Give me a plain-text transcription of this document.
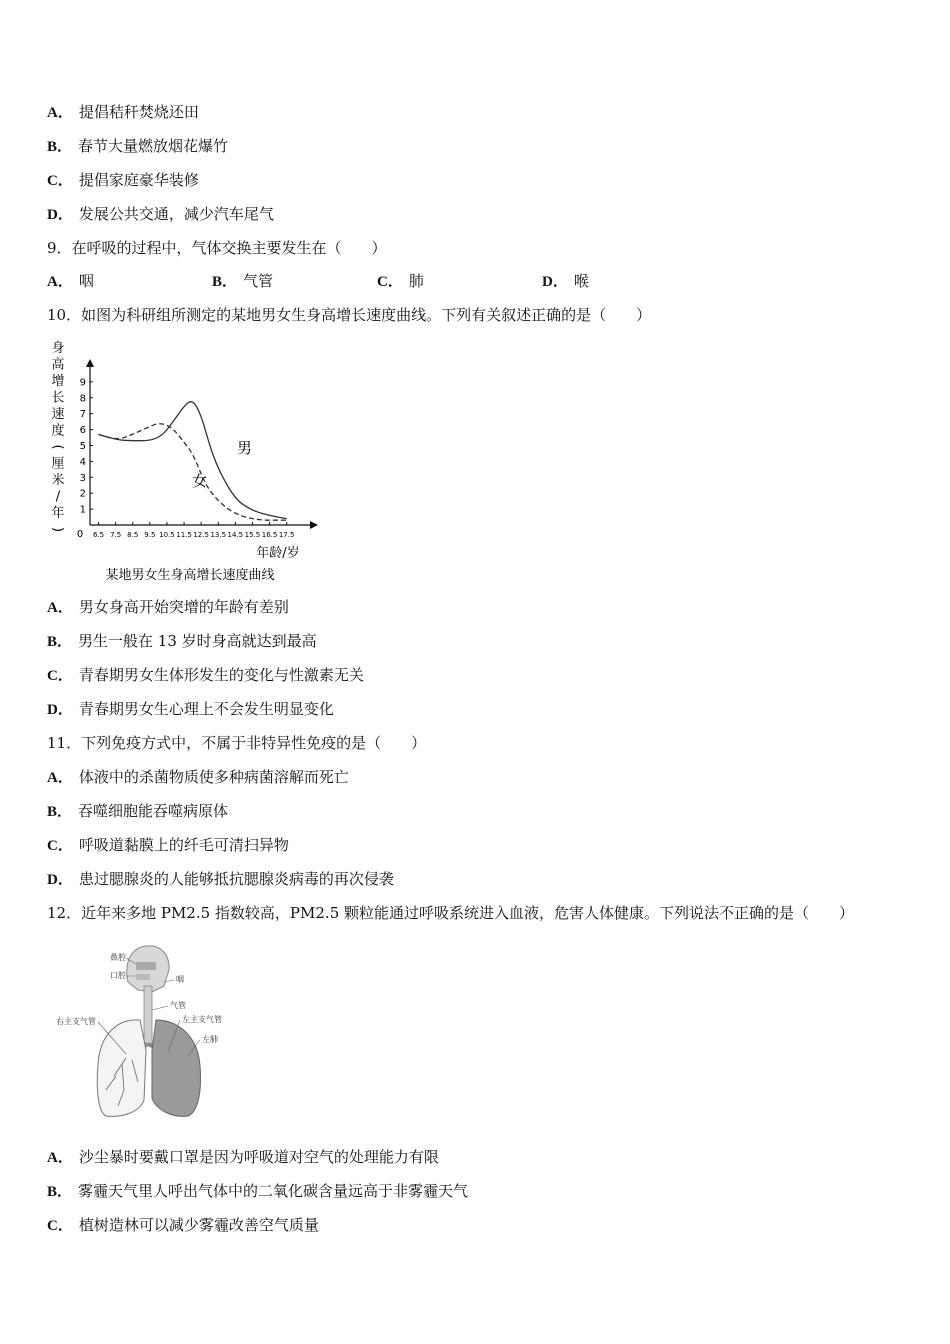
A． 提倡秸秆焚烧还田
B． 春节大量燃放烟花爆竹
C． 提倡家庭豪华装修
D． 发展公共交通，减少汽车尾气
9．在呼吸的过程中，气体交换主要发生在（　　）
A． 咽	B． 气管	C． 肺	D． 喉
10．如图为科研组所测定的某地男女生身高增长速度曲线。下列有关叙述正确的是（　　）
身
高
增
长
速
度
(
厘
米
/
年
)
1
2
3
4
5
6
7
8
9
6.5 7.5 8.5 9.5 10.5 11.5 12.5 13.5 14.5 15.5 16.5 17.5
0
男
女
年龄/岁
某地男女生身高增长速度曲线
A． 男女身高开始突增的年龄有差别
B． 男生一般在 13 岁时身高就达到最高
C． 青春期男女生体形发生的变化与性激素无关
D． 青春期男女生心理上不会发生明显变化
11．下列免疫方式中，不属于非特异性免疫的是（　　）
A． 体液中的杀菌物质使多种病菌溶解而死亡
B． 吞噬细胞能吞噬病原体
C． 呼吸道黏膜上的纤毛可清扫异物
D． 患过腮腺炎的人能够抵抗腮腺炎病毒的再次侵袭
12．近年来多地 PM2.5 指数较高，PM2.5 颗粒能通过呼吸系统进入血液，危害人体健康。下列说法不正确的是（　　）
鼻腔
口腔	咽
气管
右主支气管	左主支气管
左肺
A． 沙尘暴时要戴口罩是因为呼吸道对空气的处理能力有限
B． 雾霾天气里人呼出气体中的二氧化碳含量远高于非雾霾天气
C． 植树造林可以减少雾霾改善空气质量
